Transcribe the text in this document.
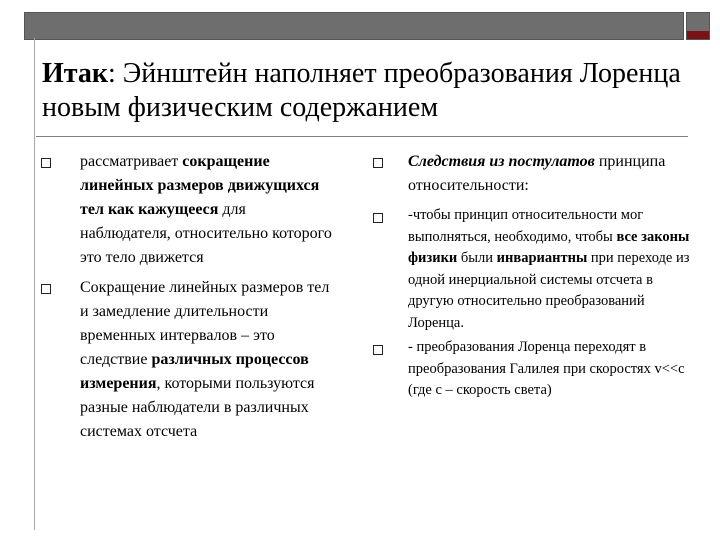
Итак: Эйнштейн наполняет преобразования Лоренца новым физическим содержанием
рассматривает сокращение линейных размеров движущихся тел как кажущееся для наблюдателя, относительно которого это тело движется
Сокращение линейных размеров тел и замедление длительности временных интервалов – это следствие различных процессов измерения, которыми пользуются разные наблюдатели в различных системах отсчета
Следствия из постулатов принципа относительности:
-чтобы принцип относительности мог выполняться, необходимо, чтобы все законы физики были инвариантны при переходе из одной инерциальной системы отсчета в другую относительно преобразований Лоренца.
- преобразования Лоренца переходят в преобразования Галилея при скоростях v<<c (где с – скорость света)
